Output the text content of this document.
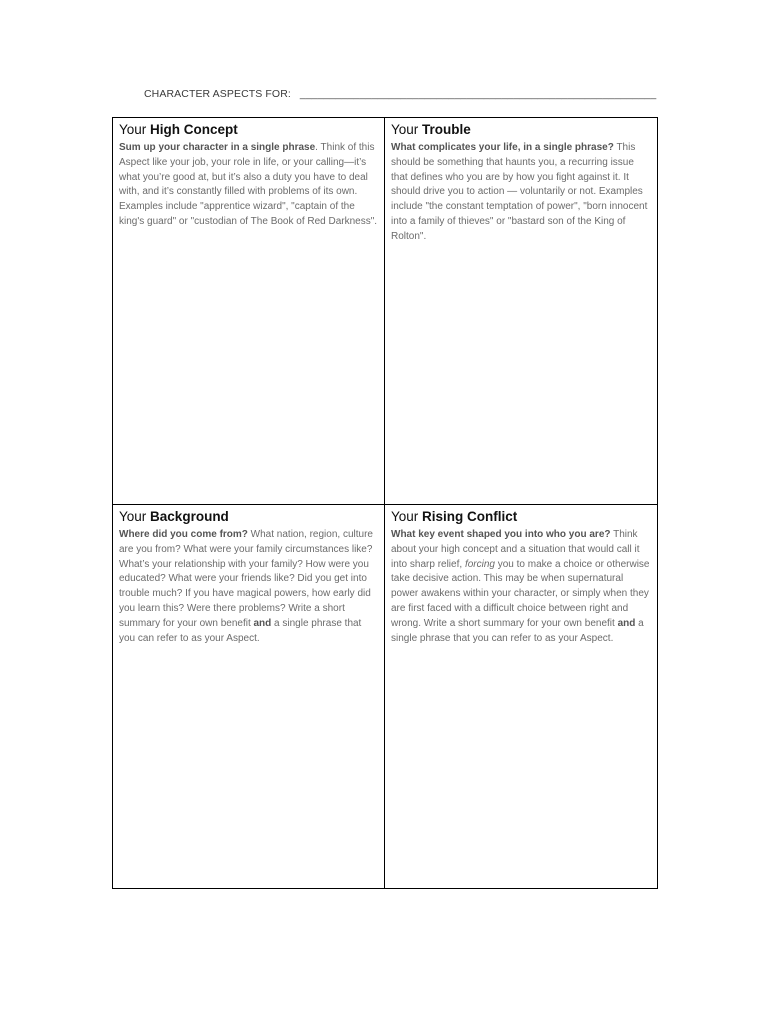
CHARACTER ASPECTS FOR: ____________________________________________________________
Your High Concept

Sum up your character in a single phrase. Think of this Aspect like your job, your role in life, or your calling—it’s what you’re good at, but it’s also a duty you have to deal with, and it’s constantly filled with problems of its own. Examples include "apprentice wizard", "captain of the king's guard" or "custodian of The Book of Red Darkness".

Your Trouble

What complicates your life, in a single phrase? This should be something that haunts you, a recurring issue that defines who you are by how you fight against it. It should drive you to action — voluntarily or not. Examples include "the constant temptation of power", "born innocent into a family of thieves" or "bastard son of the King of Rolton".

Your Background

Where did you come from? What nation, region, culture are you from? What were your family circumstances like? What’s your relationship with your family? How were you educated? What were your friends like? Did you get into trouble much? If you have magical powers, how early did you learn this? Were there problems? Write a short summary for your own benefit and a single phrase that you can refer to as your Aspect.

Your Rising Conflict

What key event shaped you into who you are? Think about your high concept and a situation that would call it into sharp relief, forcing you to make a choice or otherwise take decisive action. This may be when supernatural power awakens within your character, or simply when they are first faced with a difficult choice between right and wrong. Write a short summary for your own benefit and a single phrase that you can refer to as your Aspect.
